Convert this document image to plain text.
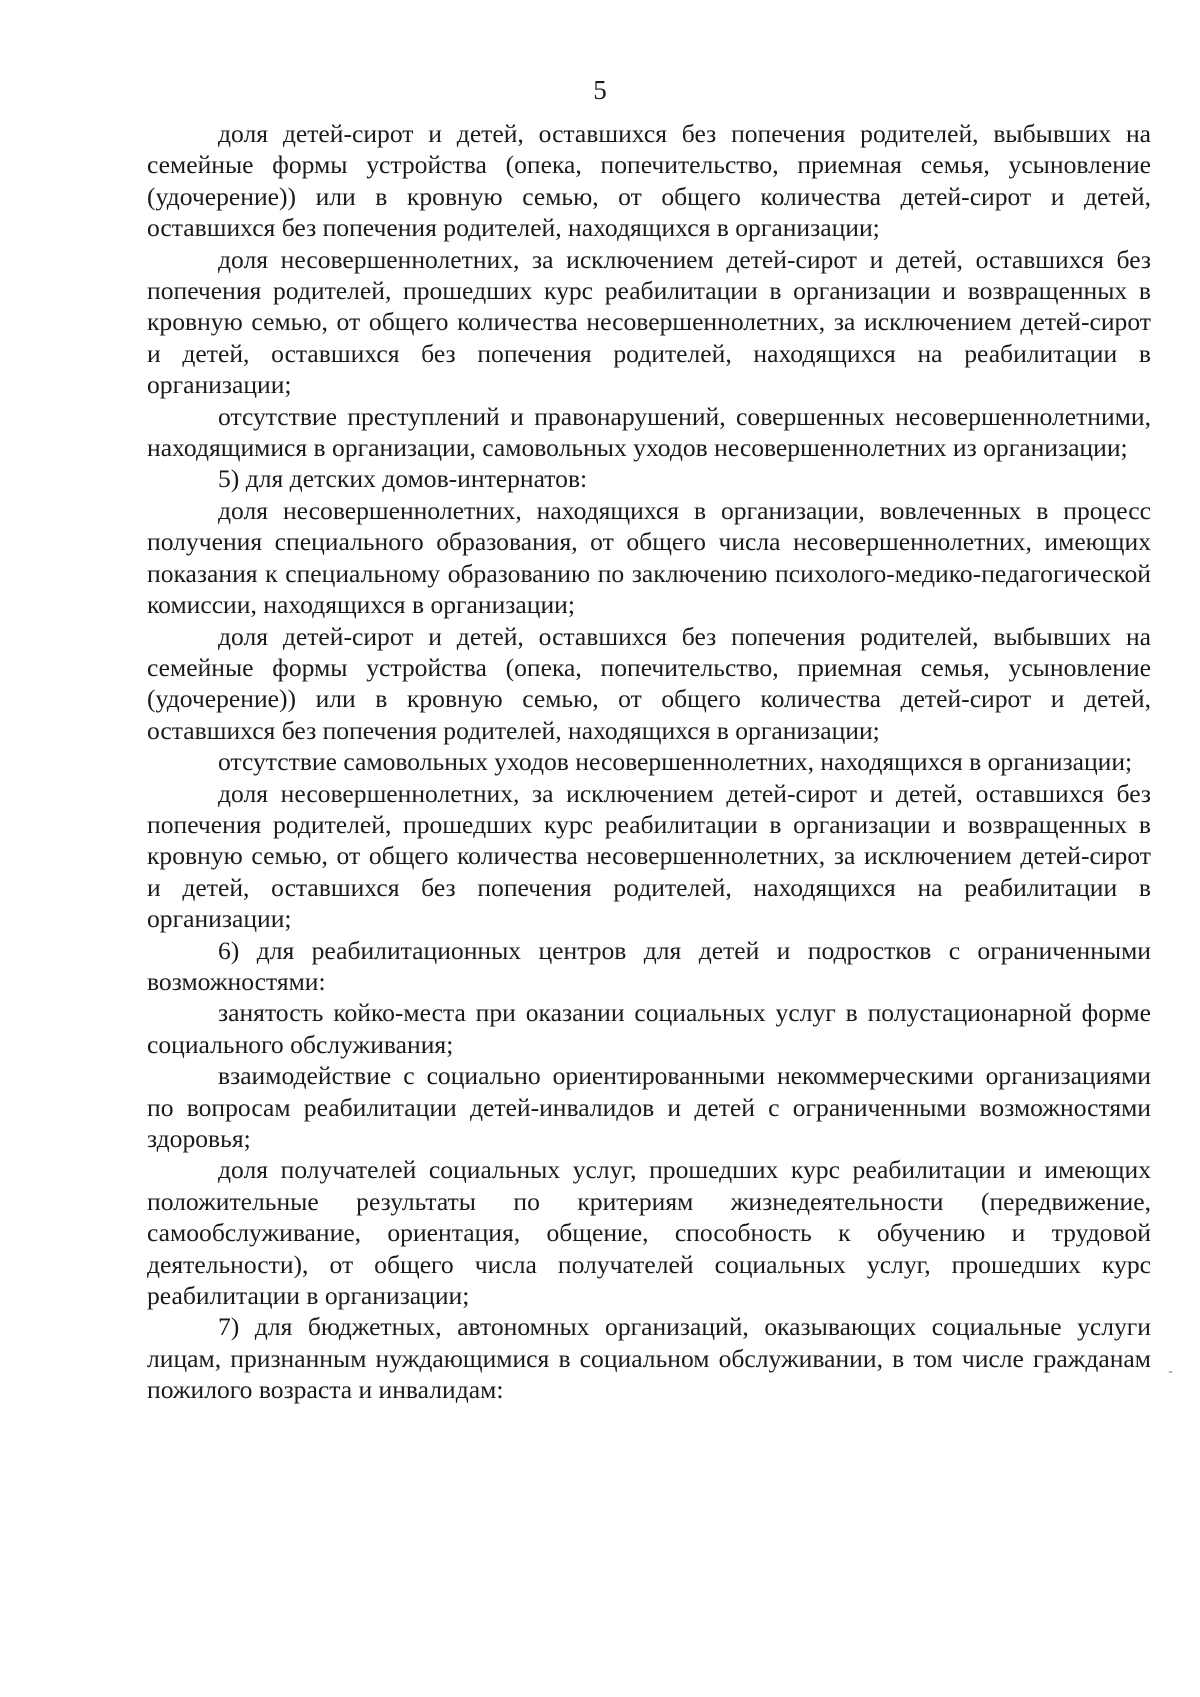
5

доля детей-сирот и детей, оставшихся без попечения родителей, выбывших на семейные формы устройства (опека, попечительство, приемная семья, усыновление (удочерение)) или в кровную семью, от общего количества детей-сирот и детей, оставшихся без попечения родителей, находящихся в организации;

доля несовершеннолетних, за исключением детей-сирот и детей, оставшихся без попечения родителей, прошедших курс реабилитации в организации и возвращенных в кровную семью, от общего количества несовершеннолетних, за исключением детей-сирот и детей, оставшихся без попечения родителей, находящихся на реабилитации в организации;

отсутствие преступлений и правонарушений, совершенных несовершеннолетними, находящимися в организации, самовольных уходов несовершеннолетних из организации;

5) для детских домов-интернатов:

доля несовершеннолетних, находящихся в организации, вовлеченных в процесс получения специального образования, от общего числа несовершеннолетних, имеющих показания к специальному образованию по заключению психолого-медико-педагогической комиссии, находящихся в организации;

доля детей-сирот и детей, оставшихся без попечения родителей, выбывших на семейные формы устройства (опека, попечительство, приемная семья, усыновление (удочерение)) или в кровную семью, от общего количества детей-сирот и детей, оставшихся без попечения родителей, находящихся в организации;

отсутствие самовольных уходов несовершеннолетних, находящихся в организации;

доля несовершеннолетних, за исключением детей-сирот и детей, оставшихся без попечения родителей, прошедших курс реабилитации в организации и возвращенных в кровную семью, от общего количества несовершеннолетних, за исключением детей-сирот и детей, оставшихся без попечения родителей, находящихся на реабилитации в организации;

6) для реабилитационных центров для детей и подростков с ограниченными возможностями:

занятость койко-места при оказании социальных услуг в полустационарной форме социального обслуживания;

взаимодействие с социально ориентированными некоммерческими организациями по вопросам реабилитации детей-инвалидов и детей с ограниченными возможностями здоровья;

доля получателей социальных услуг, прошедших курс реабилитации и имеющих положительные результаты по критериям жизнедеятельности (передвижение, самообслуживание, ориентация, общение, способность к обучению и трудовой деятельности), от общего числа получателей социальных услуг, прошедших курс реабилитации в организации;

7) для бюджетных, автономных организаций, оказывающих социальные услуги лицам, признанным нуждающимися в социальном обслуживании, в том числе гражданам пожилого возраста и инвалидам:

-
